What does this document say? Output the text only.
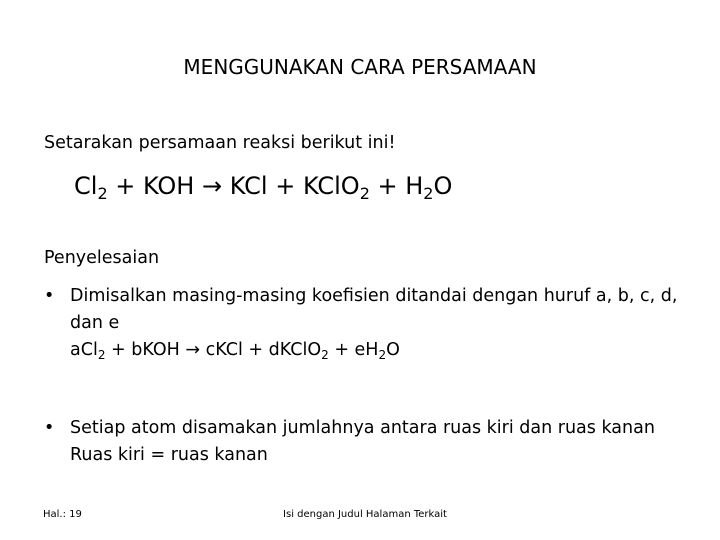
MENGGUNAKAN CARA PERSAMAAN
Setarakan persamaan reaksi berikut ini!
$Cl_2$ + KOH → KCl + KClO$_2$ + $H_2O$
Penyelesaian
• Dimisalkan masing-masing koefisien ditandai dengan huruf a, b, c, d, dan e
aCl$_2$ + bKOH → cKCl + dKClO$_2$ + $eH_2O$
• Setiap atom disamakan jumlahnya antara ruas kiri dan ruas kanan Ruas kiri = ruas kanan
Hal.: 19	Isi dengan Judul Halaman Terkait
